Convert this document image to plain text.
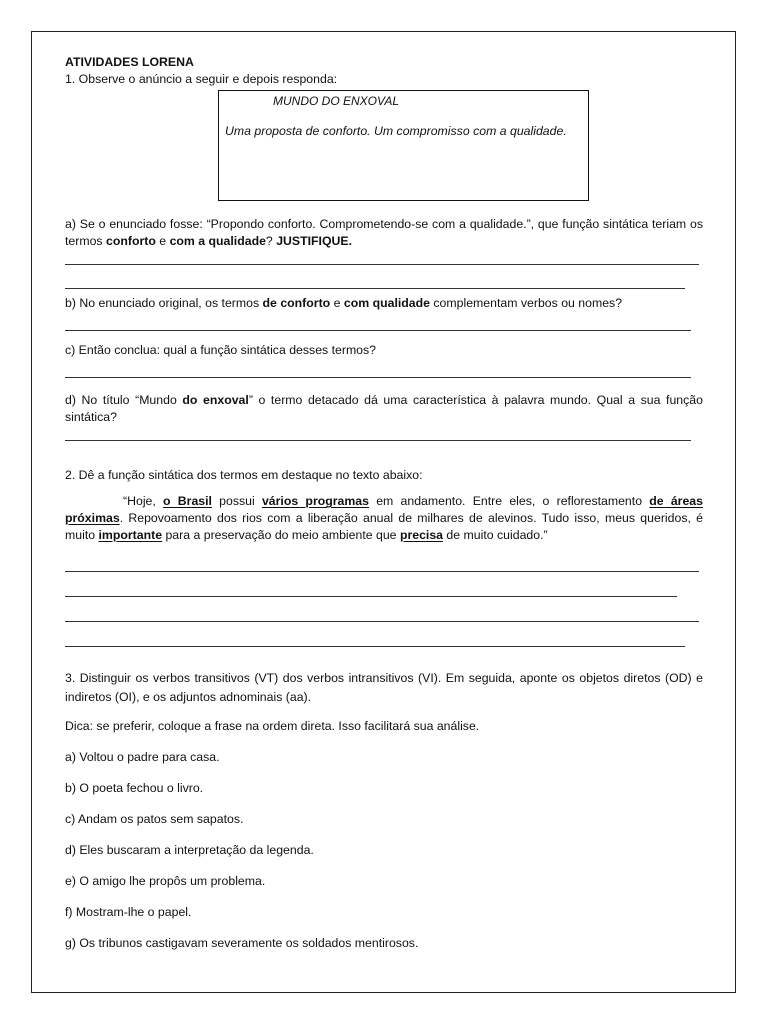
ATIVIDADES LORENA
1. Observe o anúncio a seguir e depois responda:
MUNDO DO ENXOVAL
Uma proposta de conforto. Um compromisso com a qualidade.
a) Se o enunciado fosse: “Propondo conforto. Comprometendo-se com a qualidade.”, que função sintática teriam os termos conforto e com a qualidade? JUSTIFIQUE.
b) No enunciado original, os termos de conforto e com qualidade complementam verbos ou nomes?
c) Então conclua: qual a função sintática desses termos?
d) No título “Mundo do enxoval” o termo detacado dá uma característica à palavra mundo. Qual a sua função sintática?
2. Dê a função sintática dos termos em destaque no texto abaixo:
“Hoje, o Brasil possui vários programas em andamento. Entre eles, o reflorestamento de áreas próximas. Repovoamento dos rios com a liberação anual de milhares de alevinos. Tudo isso, meus queridos, é muito importante para a preservação do meio ambiente que precisa de muito cuidado.”
3. Distinguir os verbos transitivos (VT) dos verbos intransitivos (VI). Em seguida, aponte os objetos diretos (OD) e indiretos (OI), e os adjuntos adnominais (aa).
Dica: se preferir, coloque a frase na ordem direta. Isso facilitará sua análise.
a) Voltou o padre para casa.
b) O poeta fechou o livro.
c) Andam os patos sem sapatos.
d) Eles buscaram a interpretação da legenda.
e) O amigo lhe propôs um problema.
f) Mostram-lhe o papel.
g) Os tribunos castigavam severamente os soldados mentirosos.
